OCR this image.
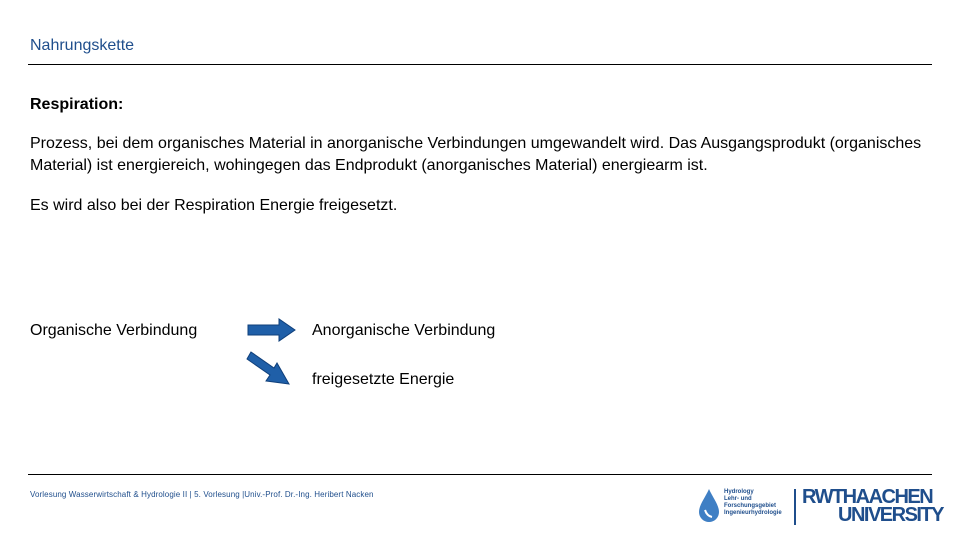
Nahrungskette
Respiration:
Prozess, bei dem organisches Material in anorganische Verbindungen umgewandelt wird. Das Ausgangsprodukt (organisches Material) ist energiereich, wohingegen das Endprodukt (anorganisches Material) energiearm ist.
Es wird also bei der Respiration Energie freigesetzt.
Organische Verbindung	Anorganische Verbindung
freigesetzte Energie
Vorlesung Wasserwirtschaft & Hydrologie II | 5. Vorlesung |Univ.-Prof. Dr.-Ing. Heribert Nacken	Hydrology
Lehr- und
Forschungsgebiet
Ingenieurhydrologie
RWTHAACHEN
UNIVERSITY
